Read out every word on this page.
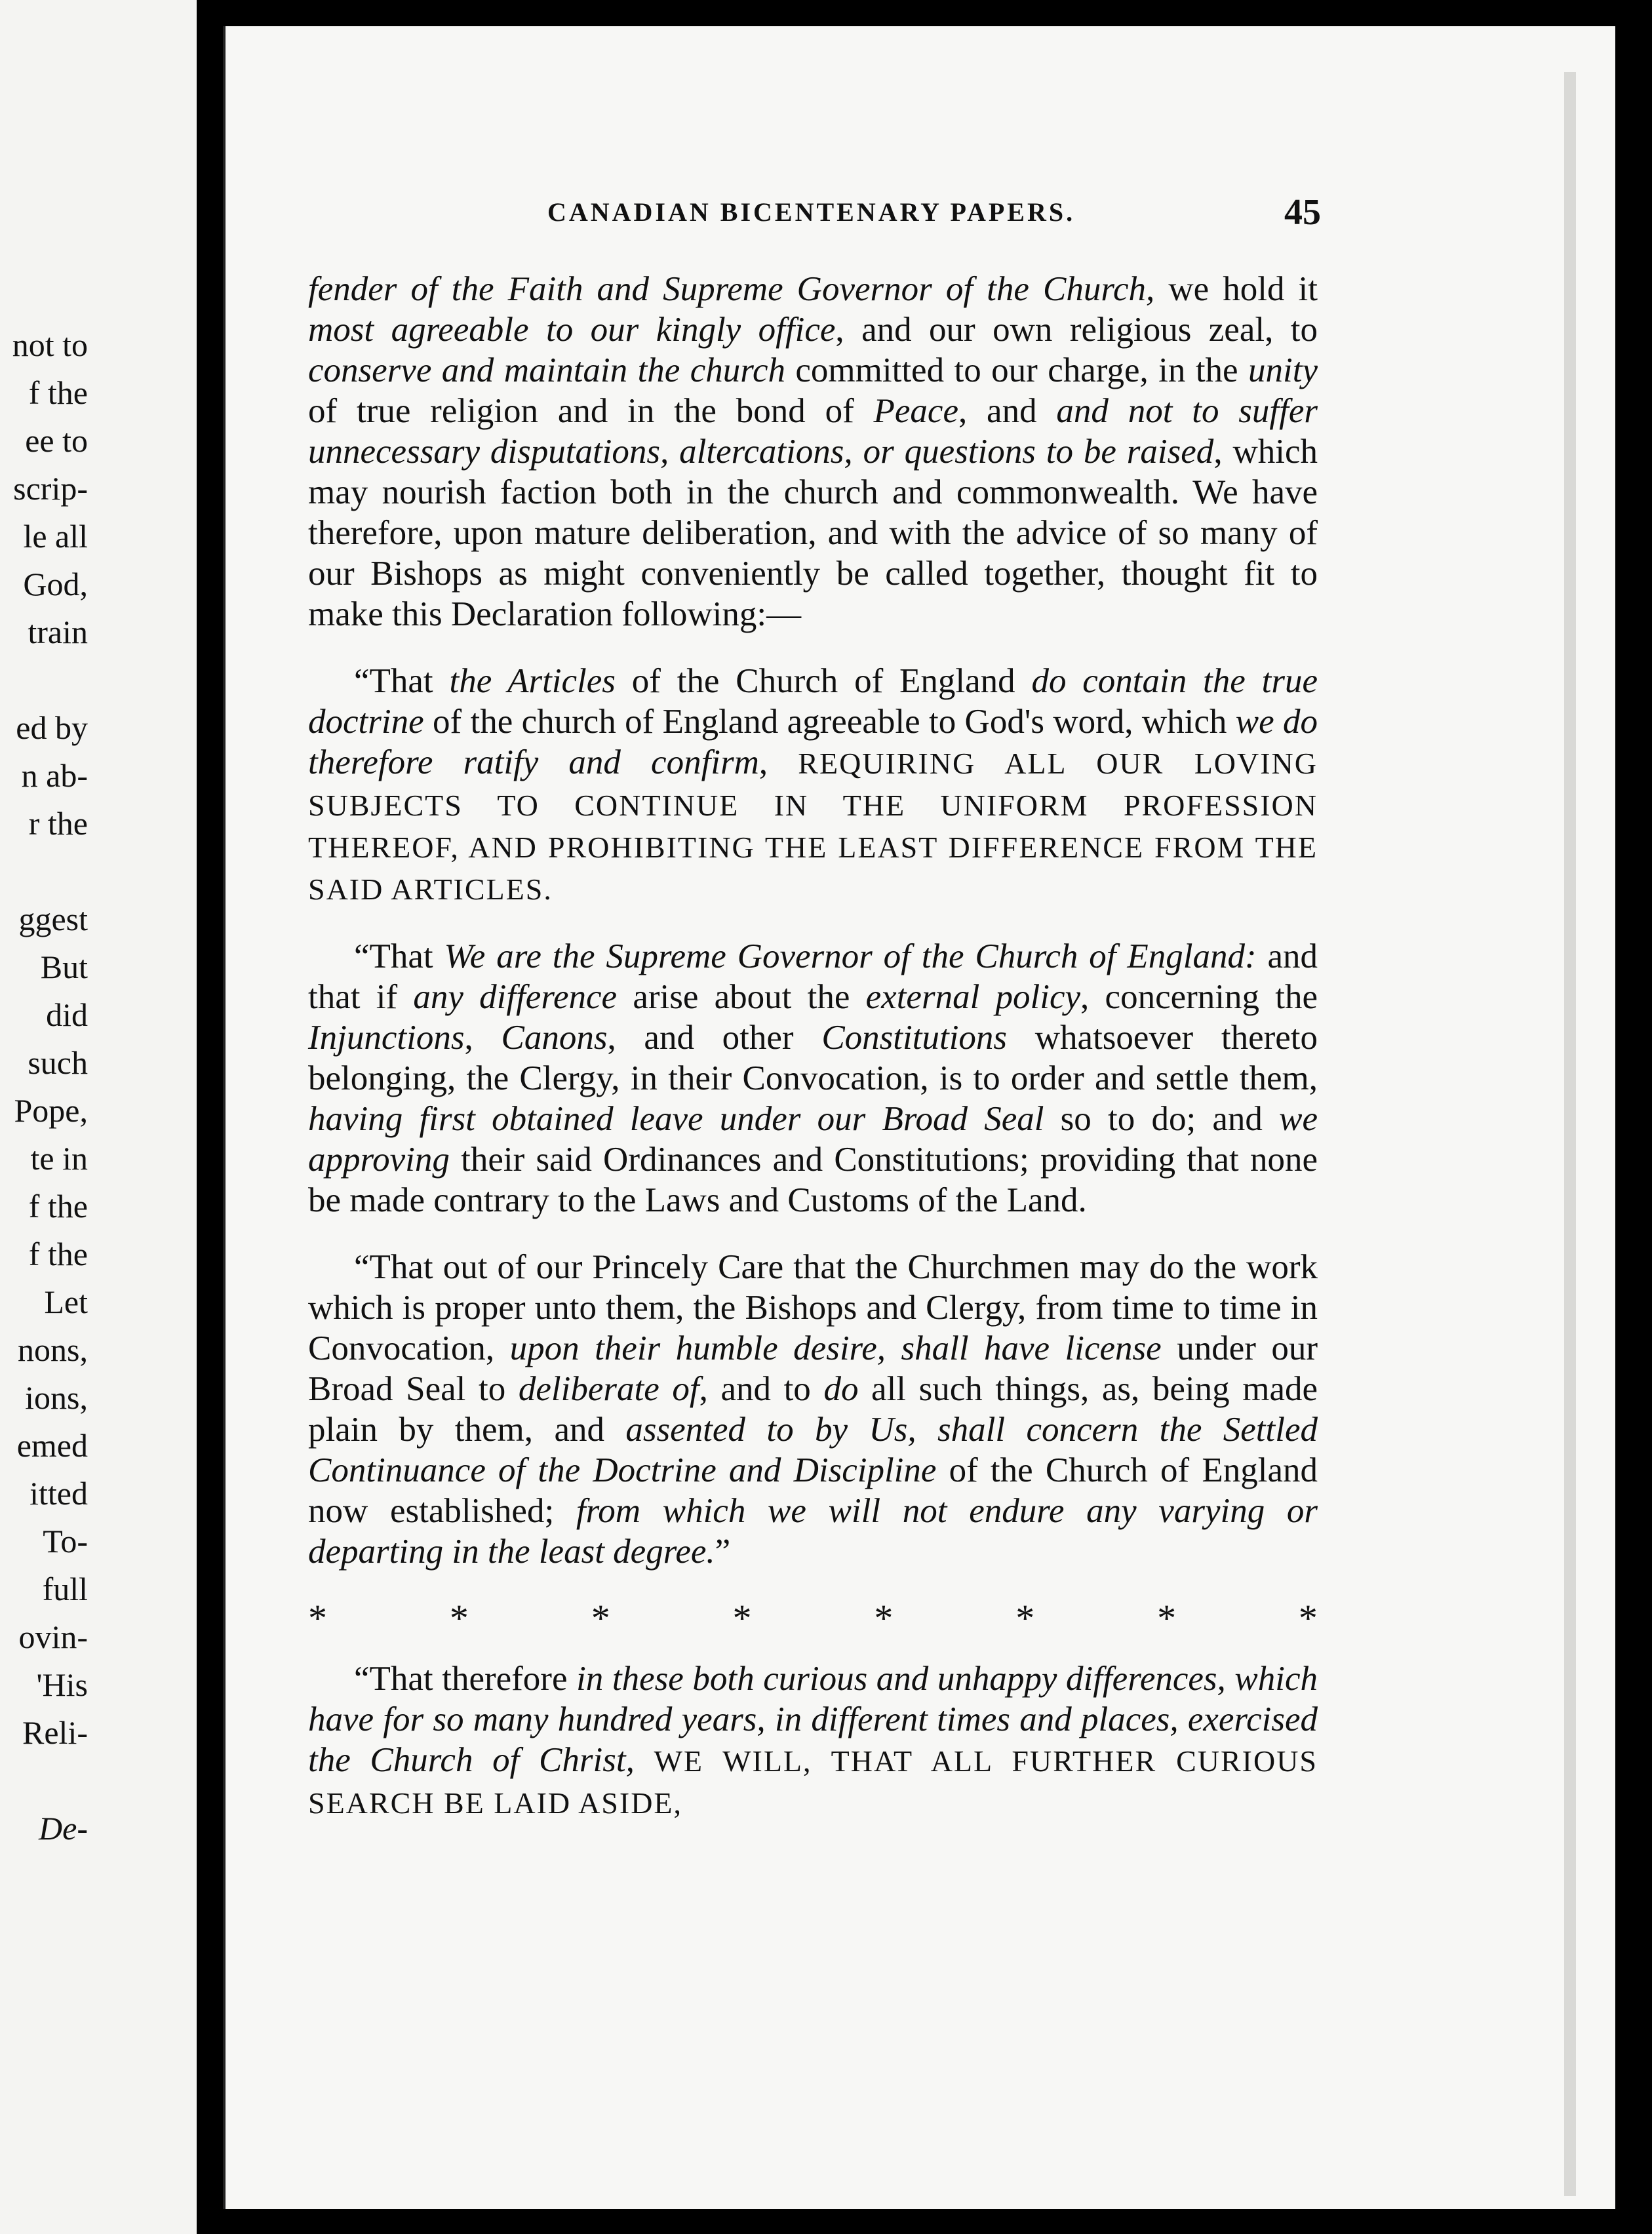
not to
f the
ee to
scrip-
le all
God,
train
ed by
n ab-
r the
ggest
But
did
such
Pope,
te in
f the
f the
Let
nons,
ions,
emed
itted
To-
full
ovin-
'His
Reli-
De-
CANADIAN BICENTENARY PAPERS.	45

fender of the Faith and Supreme Governor of the Church, we hold it most agreeable to our kingly office, and our own religious zeal, to conserve and maintain the church committed to our charge, in the unity of true religion and in the bond of Peace, and and not to suffer unnecessary disputations, altercations, or questions to be raised, which may nourish faction both in the church and commonwealth. We have therefore, upon mature deliberation, and with the advice of so many of our Bishops as might conveniently be called together, thought fit to make this Declaration following:—

“That the Articles of the Church of England do contain the true doctrine of the church of England agreeable to God's word, which we do therefore ratify and confirm, REQUIRING ALL OUR LOVING SUBJECTS TO CONTINUE IN THE UNIFORM PROFESSION THEREOF, AND PROHIBITING THE LEAST DIFFERENCE FROM THE SAID ARTICLES.

“That We are the Supreme Governor of the Church of England: and that if any difference arise about the external policy, concerning the Injunctions, Canons, and other Constitutions whatsoever thereto belonging, the Clergy, in their Convocation, is to order and settle them, having first obtained leave under our Broad Seal so to do; and we approving their said Ordinances and Constitutions; providing that none be made contrary to the Laws and Customs of the Land.

“That out of our Princely Care that the Churchmen may do the work which is proper unto them, the Bishops and Clergy, from time to time in Convocation, upon their humble desire, shall have license under our Broad Seal to deliberate of, and to do all such things, as, being made plain by them, and assented to by Us, shall concern the Settled Continuance of the Doctrine and Discipline of the Church of England now established; from which we will not endure any varying or departing in the least degree.”

*	*	*	*	*	*	*	*

“That therefore in these both curious and unhappy differences, which have for so many hundred years, in different times and places, exercised the Church of Christ, WE WILL, THAT ALL FURTHER CURIOUS SEARCH BE LAID ASIDE,
